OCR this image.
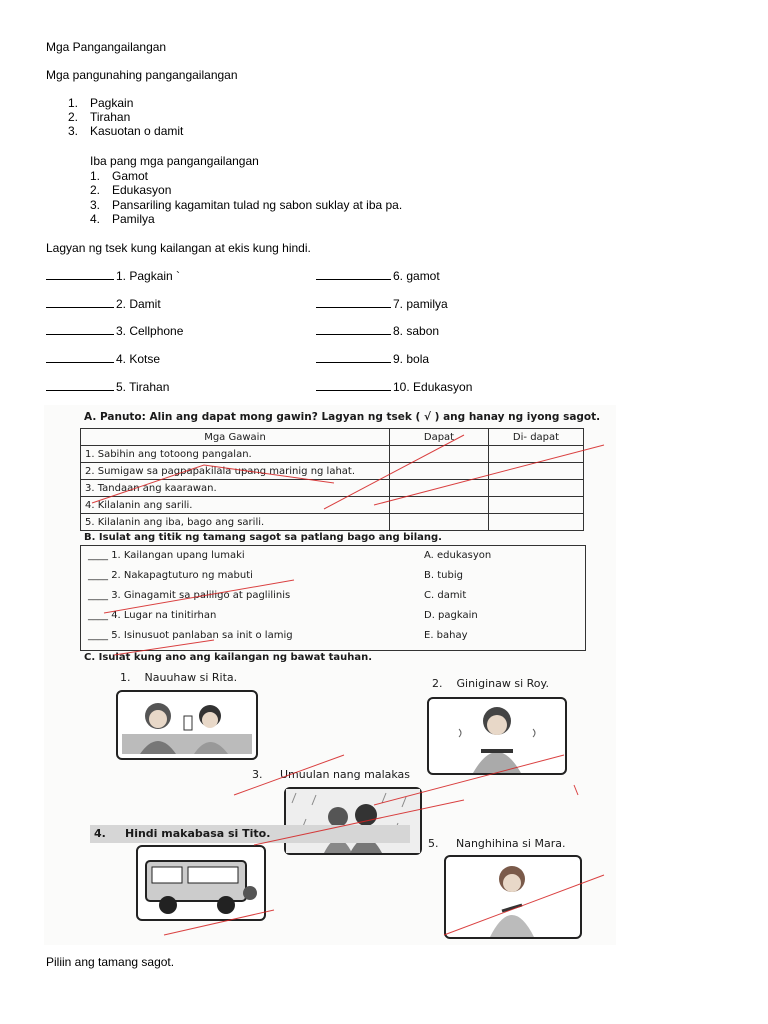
Mga Pangangailangan
Mga pangunahing pangangailangan
1. Pagkain
2. Tirahan
3. Kasuotan o damit
Iba pang mga pangangailangan
1. Gamot
2. Edukasyon
3. Pansariling kagamitan tulad ng sabon suklay at iba pa.
4. Pamilya
Lagyan ng tsek kung kailangan at ekis kung hindi.
1. Pagkain `
2. Damit
3. Cellphone
4. Kotse
5. Tirahan
6. gamot
7. pamilya
8. sabon
9. bola
10. Edukasyon
A. Panuto: Alin ang dapat mong gawin? Lagyan ng tsek ( √ ) ang hanay ng iyong sagot.
Mga Gawain	Dapat	Di- dapat
1. Sabihin ang totoong pangalan.		
2. Sumigaw sa pagpapakilala upang marinig ng lahat.		
3. Tandaan ang kaarawan.		
4. Kilalanin ang sarili.		
5. Kilalanin ang iba, bago ang sarili.		
B. Isulat ang titik ng tamang sagot sa patlang bago ang bilang.
____ 1. Kailangan upang lumaki
____ 2. Nakapagtuturo ng mabuti
____ 3. Ginagamit sa paliligo at paglilinis
____ 4. Lugar na tinitirhan
____ 5. Isinusuot panlaban sa init o lamig
A. edukasyon
B. tubig
C. damit
D. pagkain
E. bahay
C. Isulat kung ano ang kailangan ng bawat tauhan.
1. Nauuhaw si Rita.	2. Giniginaw si Roy.
3. Umuulan nang malakas
4. Hindi makabasa si Tito.
5. Nanghihina si Mara.
Piliin ang tamang sagot.
